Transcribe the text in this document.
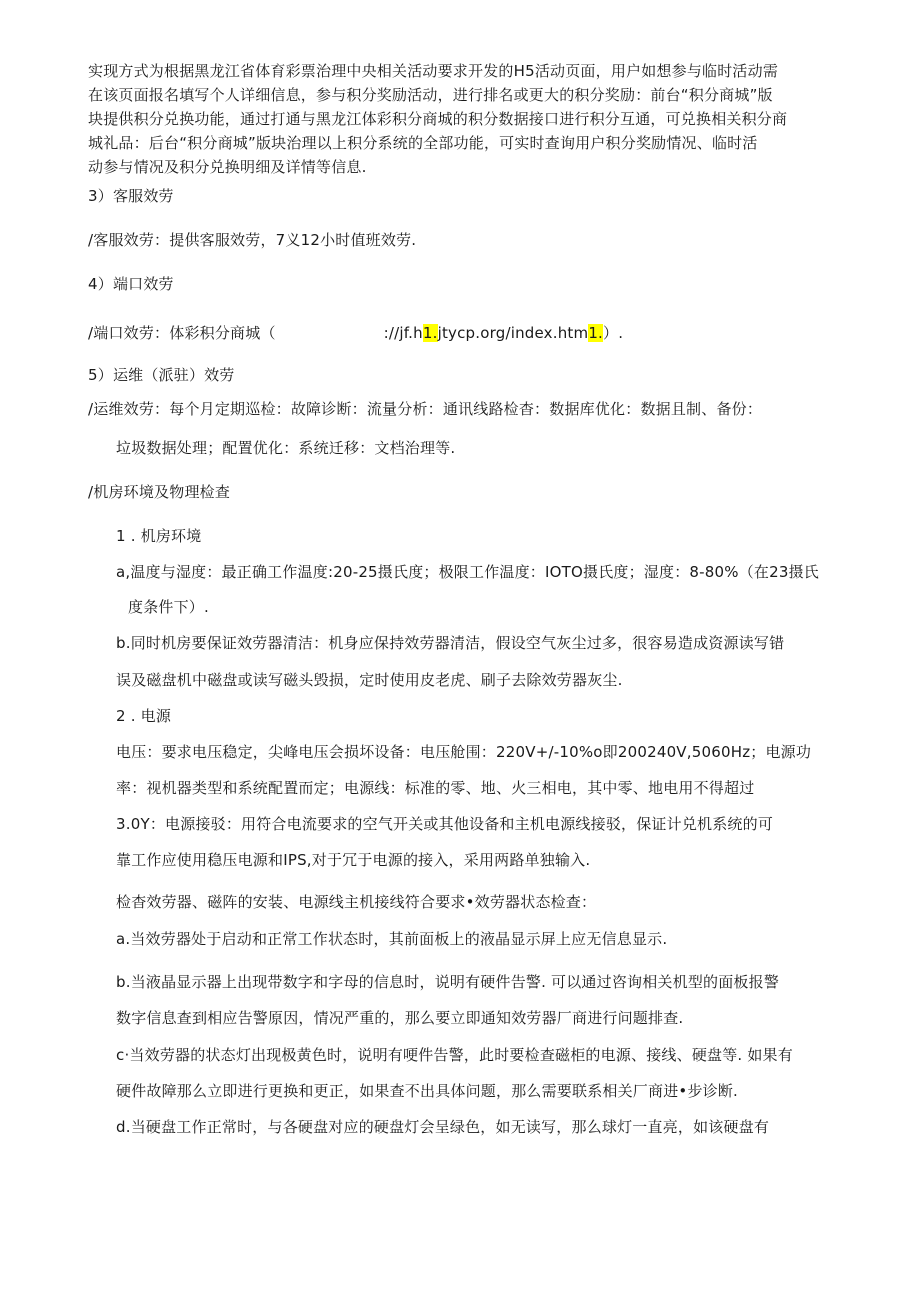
实现方式为根据黑龙江省体育彩票治理中央相关活动要求开发的H5活动页面，用户如想参与临时活动需
在该页面报名填写个人详细信息，参与积分奖励活动，进行排名或更大的积分奖励：前台“积分商城”版
块提供积分兑换功能，通过打通与黑龙江体彩积分商城的积分数据接口进行积分互通，可兑换相关积分商
城礼品：后台“积分商城”版块治理以上积分系统的全部功能，可实时查询用户积分奖励情况、临时活
动参与情况及积分兑换明细及详情等信息.
3）客服效劳
/客服效劳：提供客服效劳，7义12小时值班效劳.
4）端口效劳
/端口效劳：体彩积分商城（	://jf.h1.jtycp.org/index.htm1.）.
5）运维（派驻）效劳
/运维效劳：每个月定期巡检：故障诊断：流量分析：通讯线路检杳：数据库优化：数据且制、备份：
垃圾数据处理；配置优化：系统迁移：文档治理等.
/机房环境及物理检查
1 . 机房环境
a,温度与湿度：最正确工作温度:20-25摄氏度；极限工作温度：IOTO摄氏度；湿度：8-80%（在23摄氏
度条件下）.
b.同时机房要保证效劳器清洁：机身应保持效劳器清洁，假设空气灰尘过多，很容易造成资源读写错
误及磁盘机中磁盘或读写磁头毁损，定时使用皮老虎、刷子去除效劳器灰尘.
2 . 电源
电压：要求电压稳定，尖峰电压会损坏设备：电压舱围：220V+/-10%o即200240V,5060Hz；电源功
率：视机器类型和系统配置而定；电源线：标准的零、地、火三相电，其中零、地电用不得超过
3.0Y：电源接驳：用符合电流要求的空气开关或其他设备和主机电源线接驳，保证计兑机系统的可
靠工作应使用稳压电源和IPS,对于冗于电源的接入，采用两路单独输入.
检杳效劳器、磁阵的安装、电源线主机接线符合要求•效劳器状态检查：
a.当效劳器处于启动和正常工作状态时，其前面板上的液晶显示屏上应无信息显示.
b.当液晶显示器上出现带数字和字母的信息时，说明有硬件告警. 可以通过咨询相关机型的面板报警
数字信息查到相应告警原因，情况严重的，那么要立即通知效劳器厂商进行问题排查.
c·当效劳器的状态灯出现极黄色时，说明有哽件告警，此时要检查磁柜的电源、接线、硬盘等. 如果有
硬件故障那么立即进行更换和更正，如果查不出具体问题，那么需要联系相关厂商进•步诊断.
d.当硬盘工作正常时，与各硬盘对应的硬盘灯会呈绿色，如无读写，那么球灯一直亮，如该硬盘有
